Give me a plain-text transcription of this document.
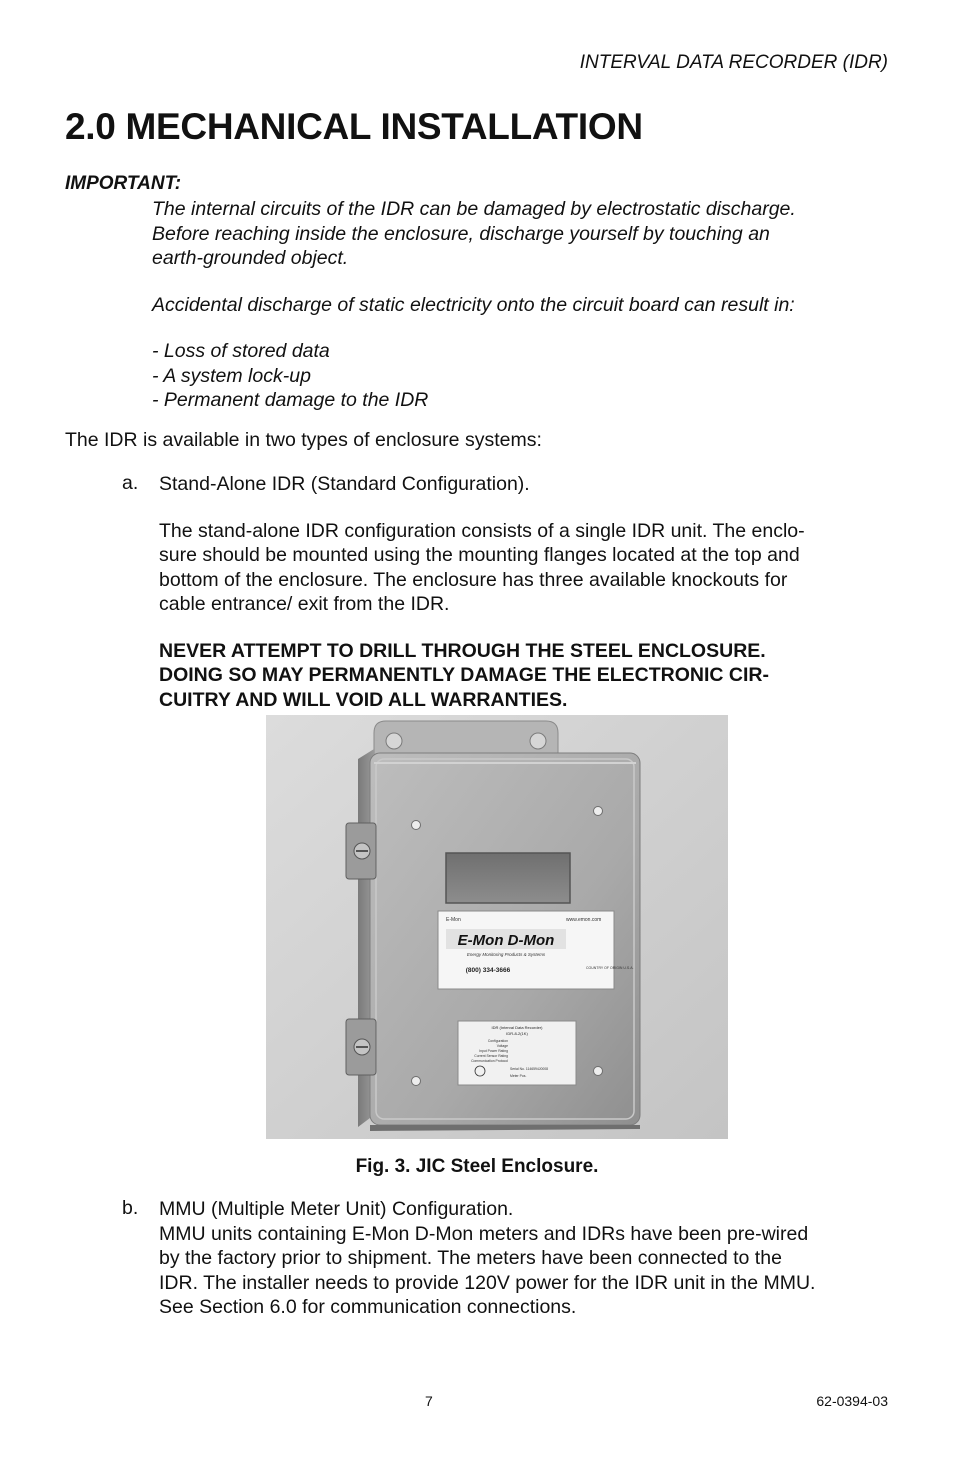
INTERVAL DATA RECORDER (IDR)
2.0 MECHANICAL INSTALLATION
IMPORTANT:

The internal circuits of the IDR can be damaged by electrostatic discharge.

Before reaching inside the enclosure, discharge yourself by touching an

earth-grounded object.

Accidental discharge of static electricity onto the circuit board can result in:

- Loss of stored data

- A system lock-up

- Permanent damage to the IDR

The IDR is available in two types of enclosure systems:
a. Stand-Alone IDR (Standard Configuration).

The stand-alone IDR configuration consists of a single IDR unit. The enclo-

sure should be mounted using the mounting flanges located at the top and

bottom of the enclosure. The enclosure has three available knockouts for

cable entrance/ exit from the IDR.

NEVER ATTEMPT TO DRILL THROUGH THE STEEL ENCLOSURE.

DOING SO MAY PERMANENTLY DAMAGE THE ELECTRONIC CIR-

CUITRY AND WILL VOID ALL WARRANTIES.

E-Mon	www.emon.com
E-Mon D-Mon
Energy Monitoring Products & Systems
(800) 334-3666	COUNTRY OF ORIGIN U.S.A.
IDR (Interval Data Recorder)
IDR-8-2(1K)
Configuration
Voltage
Input Power Rating
Current Sensor Rating
Communication Protocol
Serial No. 1146594J0008
Meter Pos.
Fig. 3. JIC Steel Enclosure.
b. MMU (Multiple Meter Unit) Configuration.

MMU units containing E-Mon D-Mon meters and IDRs have been pre-wired

by the factory prior to shipment. The meters have been connected to the

IDR. The installer needs to provide 120V power for the IDR unit in the MMU.

See Section 6.0 for communication connections.

7	62-0394-03
